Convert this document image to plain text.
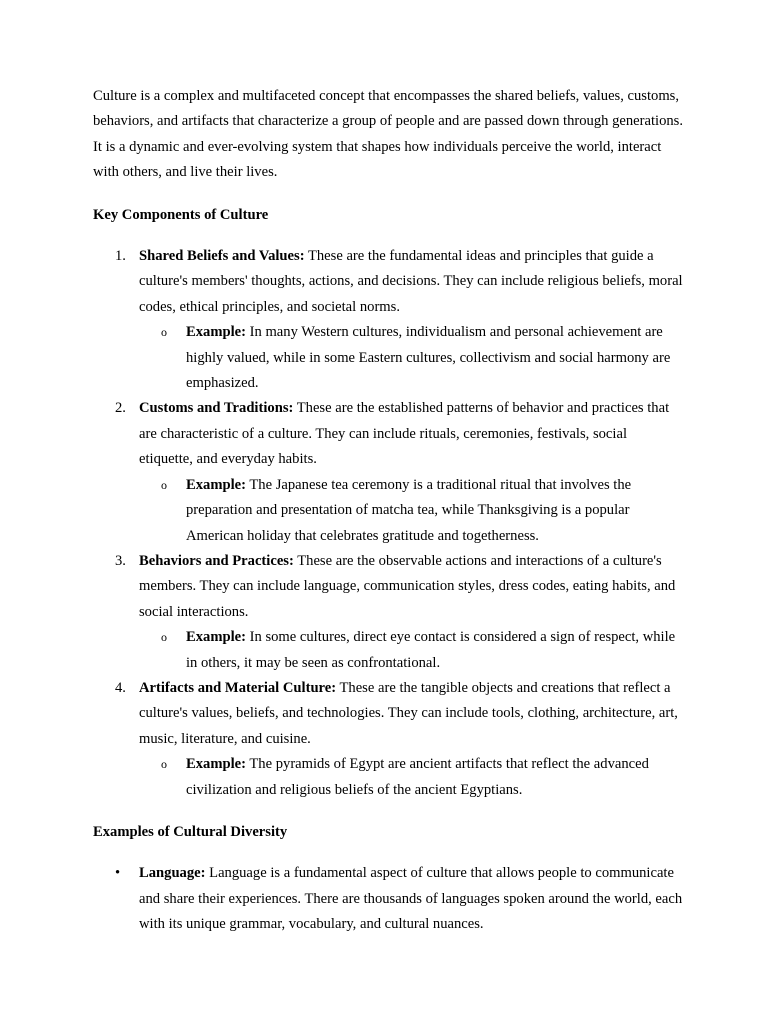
Culture is a complex and multifaceted concept that encompasses the shared beliefs, values, customs, behaviors, and artifacts that characterize a group of people and are passed down through generations. It is a dynamic and ever-evolving system that shapes how individuals perceive the world, interact with others, and live their lives.

Key Components of Culture
1. Shared Beliefs and Values: These are the fundamental ideas and principles that guide a culture's members' thoughts, actions, and decisions. They can include religious beliefs, moral codes, ethical principles, and societal norms.
o Example: In many Western cultures, individualism and personal achievement are highly valued, while in some Eastern cultures, collectivism and social harmony are emphasized.
2. Customs and Traditions: These are the established patterns of behavior and practices that are characteristic of a culture. They can include rituals, ceremonies, festivals, social etiquette, and everyday habits.
o Example: The Japanese tea ceremony is a traditional ritual that involves the preparation and presentation of matcha tea, while Thanksgiving is a popular American holiday that celebrates gratitude and togetherness.
3. Behaviors and Practices: These are the observable actions and interactions of a culture's members. They can include language, communication styles, dress codes, eating habits, and social interactions.
o Example: In some cultures, direct eye contact is considered a sign of respect, while in others, it may be seen as confrontational.
4. Artifacts and Material Culture: These are the tangible objects and creations that reflect a culture's values, beliefs, and technologies. They can include tools, clothing, architecture, art, music, literature, and cuisine.
o Example: The pyramids of Egypt are ancient artifacts that reflect the advanced civilization and religious beliefs of the ancient Egyptians.
Examples of Cultural Diversity
• Language: Language is a fundamental aspect of culture that allows people to communicate and share their experiences. There are thousands of languages spoken around the world, each with its unique grammar, vocabulary, and cultural nuances.
